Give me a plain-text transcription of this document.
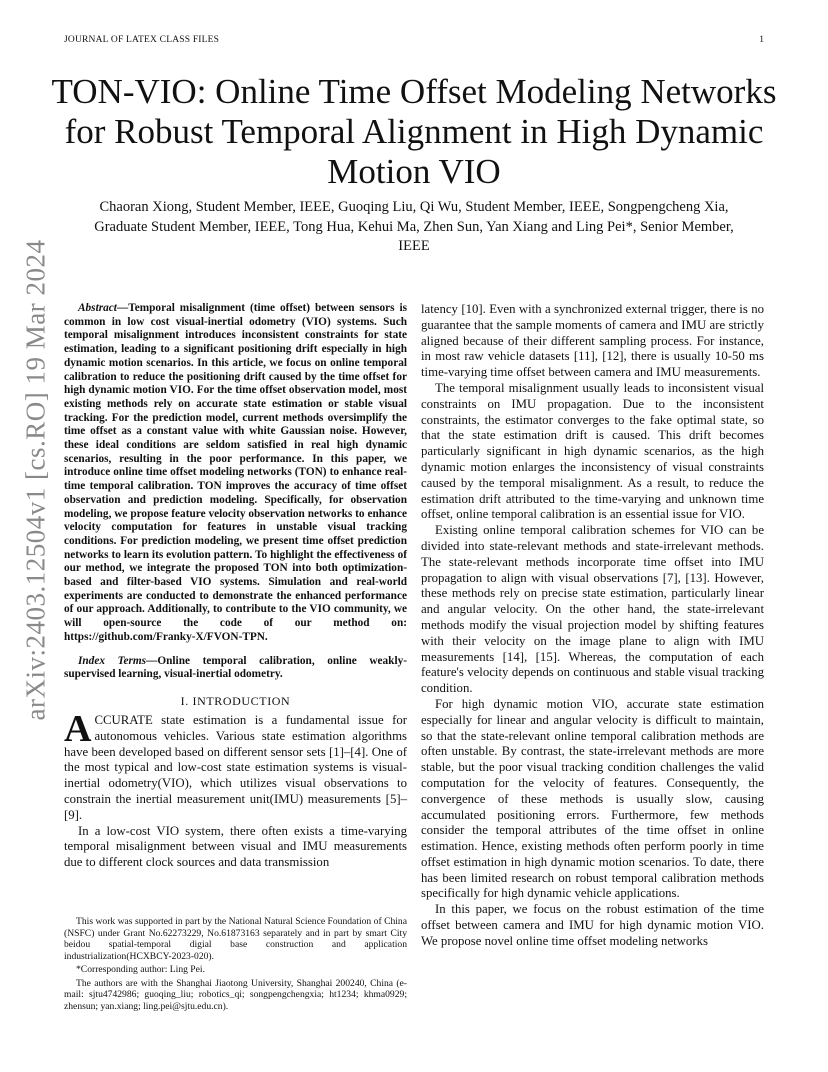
JOURNAL OF LATEX CLASS FILES	1
TON-VIO: Online Time Offset Modeling Networks for Robust Temporal Alignment in High Dynamic Motion VIO
Chaoran Xiong, Student Member, IEEE, Guoqing Liu, Qi Wu, Student Member, IEEE, Songpengcheng Xia, Graduate Student Member, IEEE, Tong Hua, Kehui Ma, Zhen Sun, Yan Xiang and Ling Pei*, Senior Member, IEEE
arXiv:2403.12504v1 [cs.RO] 19 Mar 2024	Abstract—Temporal misalignment (time offset) between sensors is common in low cost visual-inertial odometry (VIO) systems. Such temporal misalignment introduces inconsistent constraints for state estimation, leading to a significant positioning drift especially in high dynamic motion scenarios. In this article, we focus on online temporal calibration to reduce the positioning drift caused by the time offset for high dynamic motion VIO. For the time offset observation model, most existing methods rely on accurate state estimation or stable visual tracking. For the prediction model, current methods oversimplify the time offset as a constant value with white Gaussian noise. However, these ideal conditions are seldom satisfied in real high dynamic scenarios, resulting in the poor performance. In this paper, we introduce online time offset modeling networks (TON) to enhance real-time temporal calibration. TON improves the accuracy of time offset observation and prediction modeling. Specifically, for observation modeling, we propose feature velocity observation networks to enhance velocity computation for features in unstable visual tracking conditions. For prediction modeling, we present time offset prediction networks to learn its evolution pattern. To highlight the effectiveness of our method, we integrate the proposed TON into both optimization-based and filter-based VIO systems. Simulation and real-world experiments are conducted to demonstrate the enhanced performance of our approach. Additionally, to contribute to the VIO community, we will open-source the code of our method on: https://github.com/Franky-X/FVON-TPN.

Index Terms—Online temporal calibration, online weakly-supervised learning, visual-inertial odometry.

I. INTRODUCTION

ACCURATE state estimation is a fundamental issue for autonomous vehicles. Various state estimation algorithms have been developed based on different sensor sets [1]–[4]. One of the most typical and low-cost state estimation systems is visual-inertial odometry(VIO), which utilizes visual observations to constrain the inertial measurement unit(IMU) measurements [5]–[9].

In a low-cost VIO system, there often exists a time-varying temporal misalignment between visual and IMU measurements due to different clock sources and data transmission

This work was supported in part by the National Natural Science Foundation of China (NSFC) under Grant No.62273229, No.61873163 separately and in part by smart City beidou spatial-temporal digial base construction and application industrialization(HCXBCY-2023-020).

*Corresponding author: Ling Pei.

The authors are with the Shanghai Jiaotong University, Shanghai 200240, China (e-mail: sjtu4742986; guoqing_liu; robotics_qi; songpengchengxia; ht1234; khma0929; zhensun; yan.xiang; ling.pei@sjtu.edu.cn).

latency [10]. Even with a synchronized external trigger, there is no guarantee that the sample moments of camera and IMU are strictly aligned because of their different sampling process. For instance, in most raw vehicle datasets [11], [12], there is usually 10-50 ms time-varying time offset between camera and IMU measurements.

The temporal misalignment usually leads to inconsistent visual constraints on IMU propagation. Due to the inconsistent constraints, the estimator converges to the fake optimal state, so that the state estimation drift is caused. This drift becomes particularly significant in high dynamic scenarios, as the high dynamic motion enlarges the inconsistency of visual constraints caused by the temporal misalignment. As a result, to reduce the estimation drift attributed to the time-varying and unknown time offset, online temporal calibration is an essential issue for VIO.

Existing online temporal calibration schemes for VIO can be divided into state-relevant methods and state-irrelevant methods. The state-relevant methods incorporate time offset into IMU propagation to align with visual observations [7], [13]. However, these methods rely on precise state estimation, particularly linear and angular velocity. On the other hand, the state-irrelevant methods modify the visual projection model by shifting features with their velocity on the image plane to align with IMU measurements [14], [15]. Whereas, the computation of each feature's velocity depends on continuous and stable visual tracking condition.

For high dynamic motion VIO, accurate state estimation especially for linear and angular velocity is difficult to maintain, so that the state-relevant online temporal calibration methods are often unstable. By contrast, the state-irrelevant methods are more stable, but the poor visual tracking condition challenges the valid computation for the velocity of features. Consequently, the convergence of these methods is usually slow, causing accumulated positioning errors. Furthermore, few methods consider the temporal attributes of the time offset in online estimation. Hence, existing methods often perform poorly in time offset estimation in high dynamic motion scenarios. To date, there has been limited research on robust temporal calibration methods specifically for high dynamic vehicle applications.

In this paper, we focus on the robust estimation of the time offset between camera and IMU for high dynamic motion VIO. We propose novel online time offset modeling networks
